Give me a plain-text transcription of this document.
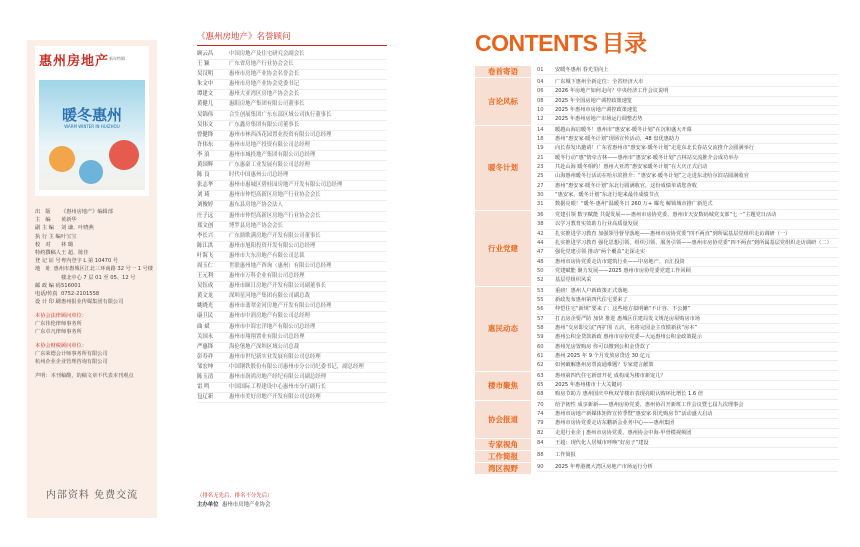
惠州房地产 新年特辑
暖冬惠州
WARM WINTER IN HUIZHOU
出　版	《惠州房地产》编辑部
主　编	黄新华
副 主 编	刘 谦、叶晓燕
执 行 主 编 叶宝宝
校　对	林 璐
特约撰稿人 王 超、陈佳
登 记 证 号 粤内登字 L 第 10470 号
地　址 惠州市惠城区江北三环南路 32 号一 1 号楼
楼北中心 7 层 01 至 05、12 号
邮 政 编 码 516001
电话/传真 0752-2101558
设 计 印 刷 惠州报业传媒集团有限公司
本协会法律顾问单位：
广东伟伦律师事务所
广东卓凡律师事务所
本协会财税顾问单位：
广东荣德会计师事务所有限公司
杭州企业企业管理咨询有限公司
声明：本刊稿酸，的稿文章不代表本刊观点
内部资料 免费交流
《惠州房地产》名誉顾问
顾云昌	中国房地产及住宅研究会副会长
王 颖	广东省房地产行业协会会长
吴汉明	惠州市房地产业协会名誉会长
朱文中	惠州市房地产业协会党委书记
谭建文	惠州大亚湾区房地产协会会长
黄健儿	惠阳房地产集团有限公司董事长
吴锦伟	合生创展集团广东东部区域公司执行董事长
吴伟文	广东鑫房集团有限公司董事长
曾健锋	惠州市林西西花园置业投资有限公司总经理
许伟东	惠州市房地产投资有限公司总经理
李 浪	惠州市城投地产集团有限公司总经理
黄国辉	广东惠豪工业发展有限公司总经理
陈 良	时代中国惠州公司总经理
张志华	惠州市惠城区碧桂园房地产开发有限公司总经理
刘 琦	惠州市仲恺高新区房地产行业协会会长
刘俊婷	惠东县房地产协会法人
庄子远	惠州市仲恺高新区房地产行业协会会长
郑文创	博罗县房地产协会会长
李长兴	广东鼎歌满房地产开发有限公司董事长
陈江洪	惠州市旭阳投资开发有限公司总经理
叶海飞	惠州市大东房地产有限公司总裁
周玉仁	世联惠州地产咨询（惠州）有限公司总经理
王元利	惠州市万科企业有限公司总经理
吴钰成	惠州市颐日房地产开发有限公司副董事长
黄文龙	深圳星河地产集团有限公司副总裁
姚晓光	惠州市翡翠金河房地产开发有限公司总经理
康卫民	惠州市中润房地产有限公司总经理
曲 斌	惠州市中海宏洋地产有限公司总经理
关国永	惠州市翔翔置业有限公司总经理
严惠锋	海伦堡地产深圳区域公司总裁
彭寿祥	惠州市世纪新实业发展有限公司总经理
邹宏坤	中国钢铁股份有限公司惠州市分公司纪委书记，副总经理
陈玉清	惠州市润鸿房地产经纪有限公司副总经理
雷 鸣	中国国际工程建设中心惠州市分行副行长
包辽新	惠州市美好房地产开发有限公司总经理
（排名无先后，排名不分先后）
主办单位 惠州市房地产业协会
CONTENTS 目录
卷首寄语	01	安暖冬惠州 春光里向上
言论风标
04	广东城下惠州全新定位：全省经济大市
06	2026 年房地产如何走向？中央经济工作会议说明
08	2025 年全国房地产调控政策速览
10	2025 年惠州市房地产调控政策速览
12	2025 年惠州房地产市场运行调整态势
暖冬计划
14	暖越山海启暖冬！惠州市“惠安家·暖冬计划”在沉和盛大开幕
18	惠州“惠安家·暖冬计划”现场宣传活动，48 盘优惠助力
19	向长春发出邀请！广东省惠州市“惠安家·暖冬计划”走进东北长春站交流推介会圆满举行
21	暖冬行动“惠”情牵吉林——惠州市“惠安家·暖冬计划”吉林站交流推介会成功举办
23	共赴山海 暖冬相约！惠州大亚湾“惠安家暖冬计划”在大庆正式启动
25	山海惠州暖冬行活动在哈尔滨推介：“惠安家·暖冬计划”之走进东北哈尔滨站圆满收官
27	惠州“惠安家·暖冬计划”东北行圆满收官，这份成绩单请您查收
30	“惠安家，暖冬计划”东北行迎来最佳成绩节点
31	数据亮眼！“暖冬·惠州”温暖冬日 260 万+ 曝光 解锁城市推广新范式
行业党建
36	党建引领 数字赋能 共促发展——惠州市房协党委、惠州市天安数码城党支部“七一”主题党日活动
38	以学习教育实效助力行业高质量发展
42	扎实推进学习教育 加强领导督导落地——惠州市房协党委“四不两直”到所属基层党组织走访调研（一）
44	扎实推进学习教育 强化思想引领、组织引领、服务引领——惠州市房协党委“四不两直”到所属基层党组织走访调研（二）
47	强化党建引领 推动“两个覆盖”走深走实
48	惠州市房协党委走访市建筑行业——中房地产、百汇投资
50	党建赋能 聚力发展——2025 惠州市房协党委党建工作回顾
52	基层党组织风采
惠民动态
53	重磅！惠州人户新政策正式落地
55	新政发布惠州第四代住宅要来了
56	仲恺住宅“新规”要来了：这些地方拟明确“不计容、不公摊”
57	打击房企要严防 加快 推进 惠城区住建局发文规范房屋购房市场
58	惠州“交房即交证”再扩围 五店，名将完园金主攻惯新获“房本”
59	惠州公积金贷款新政 惠州市房协党委—大运惠州公积金政策提示
60	惠州光房置购房 你可以缴到公积金贷款了
61	惠州 2025 年 9 个月发放房贷近 30 亿元
62	如何破解惠州房票流通难题？专家建言献策
楼市聚焦
63	惠州第四代住宅新盘开花 成构成为楼市新宠儿？
65	2025 年惠州楼市十大关键词
68	购房节助力 惠州国庆中秋双节楼市表现亮眼认购环比增长 1.6 倍
协会报道
70	给予韧性 成享新新——惠州房协党委、惠州协召开新班工作会议暨七届九次理事会
74	惠州市房地产新媒体矩阵宣传季暨“惠安家·阳光购房节”活动盛大启动
79	惠州市房协党委走访东鹏新会业务中心——惠州集团
82	走进行业企 | 惠州市房协党委、惠州协会中海·甲骨模视频团
专家视角	84	王超：现代化人居城市呼唤“好房子”建设
工作简报	88	工作简报
湾区视野	90	2025 年粤港澳大湾区房地产市场运行分析
